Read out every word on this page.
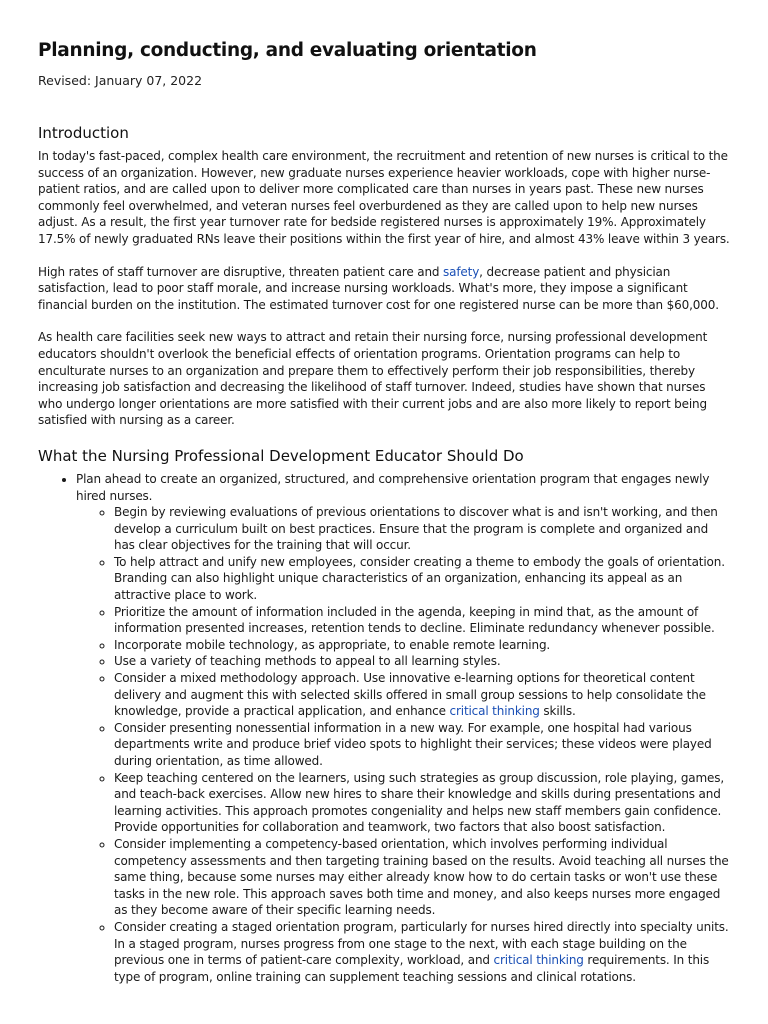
Planning, conducting, and evaluating orientation
Revised: January 07, 2022
Introduction

In today's fast-paced, complex health care environment, the recruitment and retention of new nurses is critical to the success of an organization. However, new graduate nurses experience heavier workloads, cope with higher nurse-patient ratios, and are called upon to deliver more complicated care than nurses in years past. These new nurses commonly feel overwhelmed, and veteran nurses feel overburdened as they are called upon to help new nurses adjust. As a result, the first year turnover rate for bedside registered nurses is approximately 19%. Approximately 17.5% of newly graduated RNs leave their positions within the first year of hire, and almost 43% leave within 3 years.

High rates of staff turnover are disruptive, threaten patient care and safety, decrease patient and physician satisfaction, lead to poor staff morale, and increase nursing workloads. What's more, they impose a significant financial burden on the institution. The estimated turnover cost for one registered nurse can be more than $60,000.

As health care facilities seek new ways to attract and retain their nursing force, nursing professional development educators shouldn't overlook the beneficial effects of orientation programs. Orientation programs can help to enculturate nurses to an organization and prepare them to effectively perform their job responsibilities, thereby increasing job satisfaction and decreasing the likelihood of staff turnover. Indeed, studies have shown that nurses who undergo longer orientations are more satisfied with their current jobs and are also more likely to report being satisfied with nursing as a career.

What the Nursing Professional Development Educator Should Do
• Plan ahead to create an organized, structured, and comprehensive orientation program that engages newly hired nurses.
◦ Begin by reviewing evaluations of previous orientations to discover what is and isn't working, and then develop a curriculum built on best practices. Ensure that the program is complete and organized and has clear objectives for the training that will occur.
◦ To help attract and unify new employees, consider creating a theme to embody the goals of orientation. Branding can also highlight unique characteristics of an organization, enhancing its appeal as an attractive place to work.
◦ Prioritize the amount of information included in the agenda, keeping in mind that, as the amount of information presented increases, retention tends to decline. Eliminate redundancy whenever possible.
◦ Incorporate mobile technology, as appropriate, to enable remote learning.
◦ Use a variety of teaching methods to appeal to all learning styles.
◦ Consider a mixed methodology approach. Use innovative e-learning options for theoretical content delivery and augment this with selected skills offered in small group sessions to help consolidate the knowledge, provide a practical application, and enhance critical thinking skills.
◦ Consider presenting nonessential information in a new way. For example, one hospital had various departments write and produce brief video spots to highlight their services; these videos were played during orientation, as time allowed.
◦ Keep teaching centered on the learners, using such strategies as group discussion, role playing, games, and teach-back exercises. Allow new hires to share their knowledge and skills during presentations and learning activities. This approach promotes congeniality and helps new staff members gain confidence. Provide opportunities for collaboration and teamwork, two factors that also boost satisfaction.
◦ Consider implementing a competency-based orientation, which involves performing individual competency assessments and then targeting training based on the results. Avoid teaching all nurses the same thing, because some nurses may either already know how to do certain tasks or won't use these tasks in the new role. This approach saves both time and money, and also keeps nurses more engaged as they become aware of their specific learning needs.
◦ Consider creating a staged orientation program, particularly for nurses hired directly into specialty units. In a staged program, nurses progress from one stage to the next, with each stage building on the previous one in terms of patient-care complexity, workload, and critical thinking requirements. In this type of program, online training can supplement teaching sessions and clinical rotations.
